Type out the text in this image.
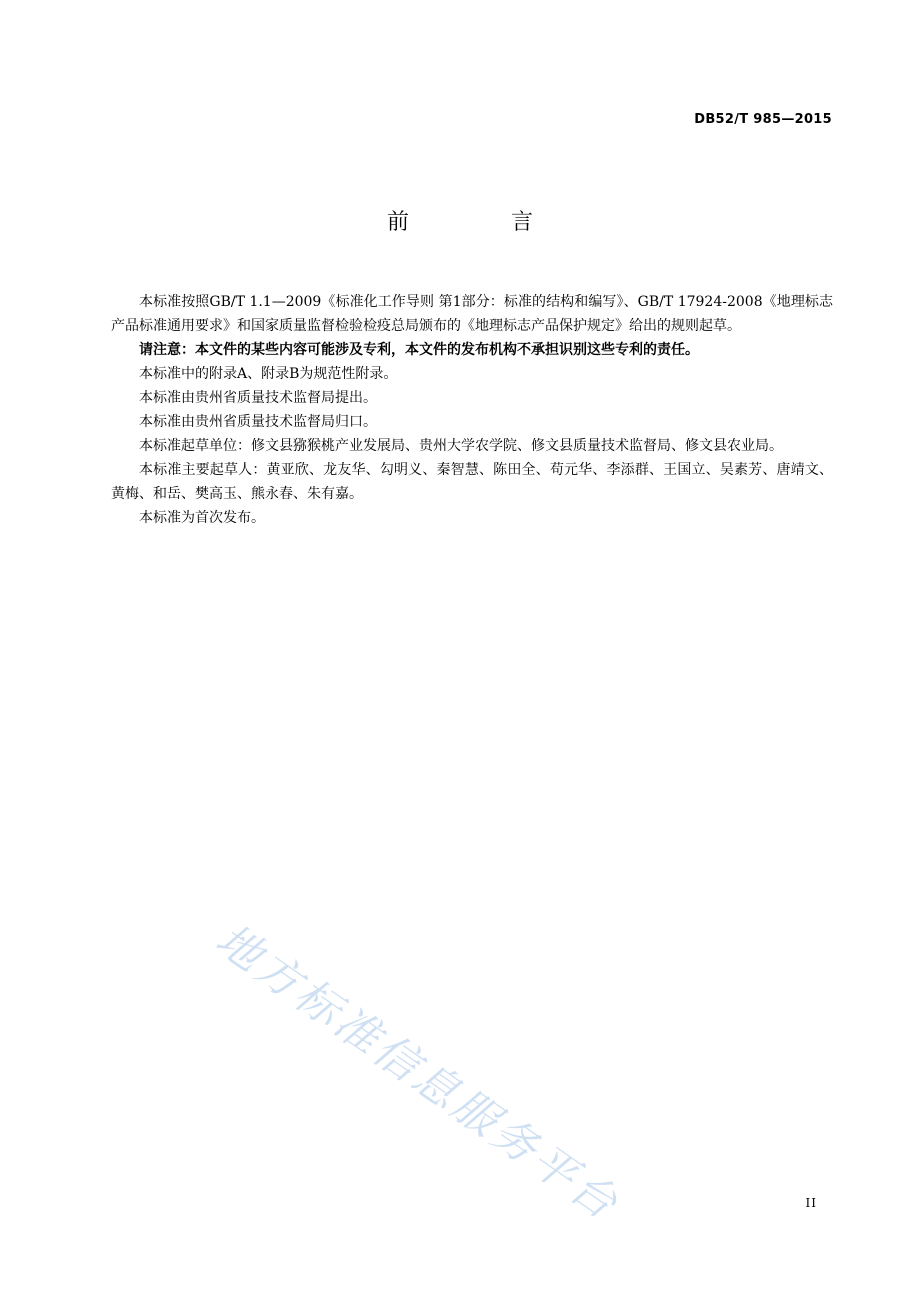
DB52/T 985—2015
前　言

本标准按照GB/T 1.1—2009《标准化工作导则 第1部分：标准的结构和编写》、GB/T 17924-2008《地理标志产品标准通用要求》和国家质量监督检验检疫总局颁布的《地理标志产品保护规定》给出的规则起草。

请注意：本文件的某些内容可能涉及专利，本文件的发布机构不承担识别这些专利的责任。

本标准中的附录A、附录B为规范性附录。

本标准由贵州省质量技术监督局提出。

本标准由贵州省质量技术监督局归口。

本标准起草单位：修文县猕猴桃产业发展局、贵州大学农学院、修文县质量技术监督局、修文县农业局。

本标准主要起草人：黄亚欣、龙友华、勾明义、秦智慧、陈田全、苟元华、李添群、王国立、吴素芳、唐靖文、黄梅、和岳、樊高玉、熊永春、朱有嘉。

本标准为首次发布。

地方标准信息服务平台	II
